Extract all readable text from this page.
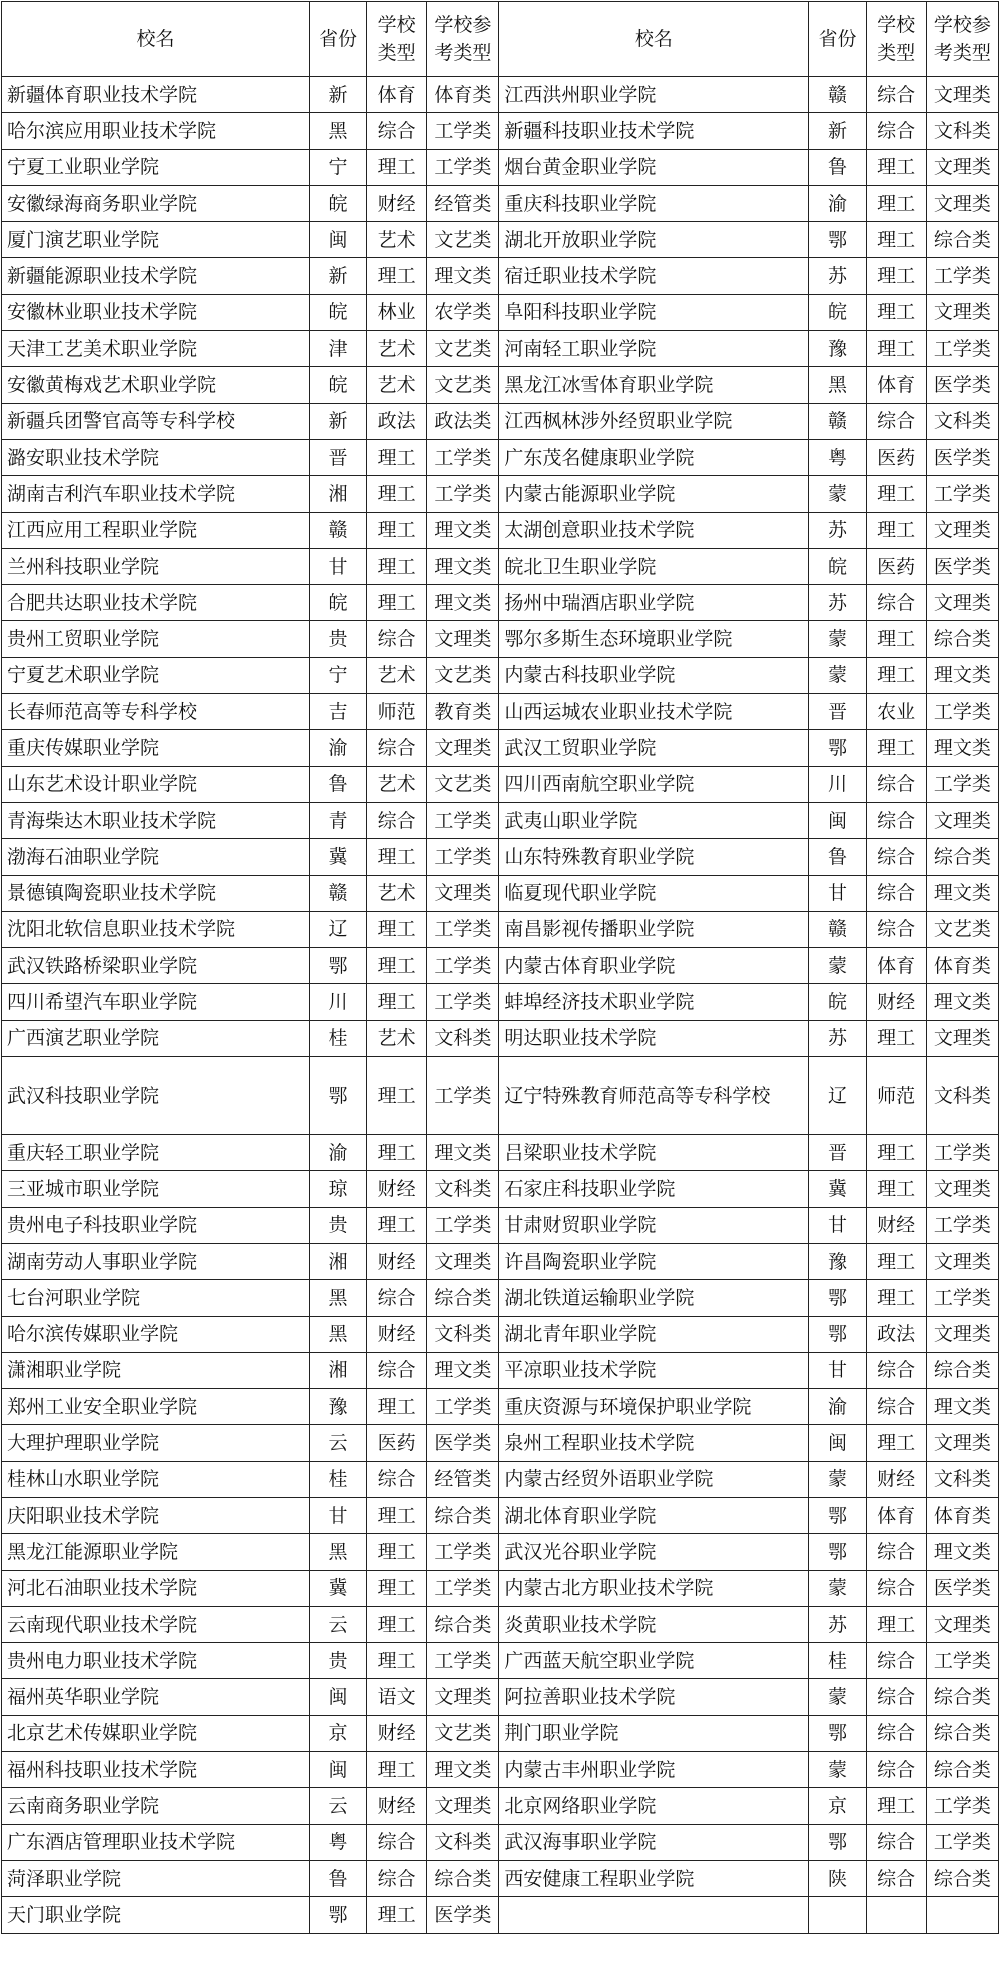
校名	省份	学校类型	学校参考类型	校名	省份	学校类型	学校参考类型
新疆体育职业技术学院	新	体育	体育类	江西洪州职业学院	赣	综合	文理类
哈尔滨应用职业技术学院	黑	综合	工学类	新疆科技职业技术学院	新	综合	文科类
宁夏工业职业学院	宁	理工	工学类	烟台黄金职业学院	鲁	理工	文理类
安徽绿海商务职业学院	皖	财经	经管类	重庆科技职业学院	渝	理工	文理类
厦门演艺职业学院	闽	艺术	文艺类	湖北开放职业学院	鄂	理工	综合类
新疆能源职业技术学院	新	理工	理文类	宿迁职业技术学院	苏	理工	工学类
安徽林业职业技术学院	皖	林业	农学类	阜阳科技职业学院	皖	理工	文理类
天津工艺美术职业学院	津	艺术	文艺类	河南轻工职业学院	豫	理工	工学类
安徽黄梅戏艺术职业学院	皖	艺术	文艺类	黑龙江冰雪体育职业学院	黑	体育	医学类
新疆兵团警官高等专科学校	新	政法	政法类	江西枫林涉外经贸职业学院	赣	综合	文科类
潞安职业技术学院	晋	理工	工学类	广东茂名健康职业学院	粤	医药	医学类
湖南吉利汽车职业技术学院	湘	理工	工学类	内蒙古能源职业学院	蒙	理工	工学类
江西应用工程职业学院	赣	理工	理文类	太湖创意职业技术学院	苏	理工	文理类
兰州科技职业学院	甘	理工	理文类	皖北卫生职业学院	皖	医药	医学类
合肥共达职业技术学院	皖	理工	理文类	扬州中瑞酒店职业学院	苏	综合	文理类
贵州工贸职业学院	贵	综合	文理类	鄂尔多斯生态环境职业学院	蒙	理工	综合类
宁夏艺术职业学院	宁	艺术	文艺类	内蒙古科技职业学院	蒙	理工	理文类
长春师范高等专科学校	吉	师范	教育类	山西运城农业职业技术学院	晋	农业	工学类
重庆传媒职业学院	渝	综合	文理类	武汉工贸职业学院	鄂	理工	理文类
山东艺术设计职业学院	鲁	艺术	文艺类	四川西南航空职业学院	川	综合	工学类
青海柴达木职业技术学院	青	综合	工学类	武夷山职业学院	闽	综合	文理类
渤海石油职业学院	冀	理工	工学类	山东特殊教育职业学院	鲁	综合	综合类
景德镇陶瓷职业技术学院	赣	艺术	文理类	临夏现代职业学院	甘	综合	理文类
沈阳北软信息职业技术学院	辽	理工	工学类	南昌影视传播职业学院	赣	综合	文艺类
武汉铁路桥梁职业学院	鄂	理工	工学类	内蒙古体育职业学院	蒙	体育	体育类
四川希望汽车职业学院	川	理工	工学类	蚌埠经济技术职业学院	皖	财经	理文类
广西演艺职业学院	桂	艺术	文科类	明达职业技术学院	苏	理工	文理类
武汉科技职业学院	鄂	理工	工学类	辽宁特殊教育师范高等专科学校	辽	师范	文科类
重庆轻工职业学院	渝	理工	理文类	吕梁职业技术学院	晋	理工	工学类
三亚城市职业学院	琼	财经	文科类	石家庄科技职业学院	冀	理工	文理类
贵州电子科技职业学院	贵	理工	工学类	甘肃财贸职业学院	甘	财经	工学类
湖南劳动人事职业学院	湘	财经	文理类	许昌陶瓷职业学院	豫	理工	文理类
七台河职业学院	黑	综合	综合类	湖北铁道运输职业学院	鄂	理工	工学类
哈尔滨传媒职业学院	黑	财经	文科类	湖北青年职业学院	鄂	政法	文理类
潇湘职业学院	湘	综合	理文类	平凉职业技术学院	甘	综合	综合类
郑州工业安全职业学院	豫	理工	工学类	重庆资源与环境保护职业学院	渝	综合	理文类
大理护理职业学院	云	医药	医学类	泉州工程职业技术学院	闽	理工	文理类
桂林山水职业学院	桂	综合	经管类	内蒙古经贸外语职业学院	蒙	财经	文科类
庆阳职业技术学院	甘	理工	综合类	湖北体育职业学院	鄂	体育	体育类
黑龙江能源职业学院	黑	理工	工学类	武汉光谷职业学院	鄂	综合	理文类
河北石油职业技术学院	冀	理工	工学类	内蒙古北方职业技术学院	蒙	综合	医学类
云南现代职业技术学院	云	理工	综合类	炎黄职业技术学院	苏	理工	文理类
贵州电力职业技术学院	贵	理工	工学类	广西蓝天航空职业学院	桂	综合	工学类
福州英华职业学院	闽	语文	文理类	阿拉善职业技术学院	蒙	综合	综合类
北京艺术传媒职业学院	京	财经	文艺类	荆门职业学院	鄂	综合	综合类
福州科技职业技术学院	闽	理工	理文类	内蒙古丰州职业学院	蒙	综合	综合类
云南商务职业学院	云	财经	文理类	北京网络职业学院	京	理工	工学类
广东酒店管理职业技术学院	粤	综合	文科类	武汉海事职业学院	鄂	综合	工学类
菏泽职业学院	鲁	综合	综合类	西安健康工程职业学院	陕	综合	综合类
天门职业学院	鄂	理工	医学类				
